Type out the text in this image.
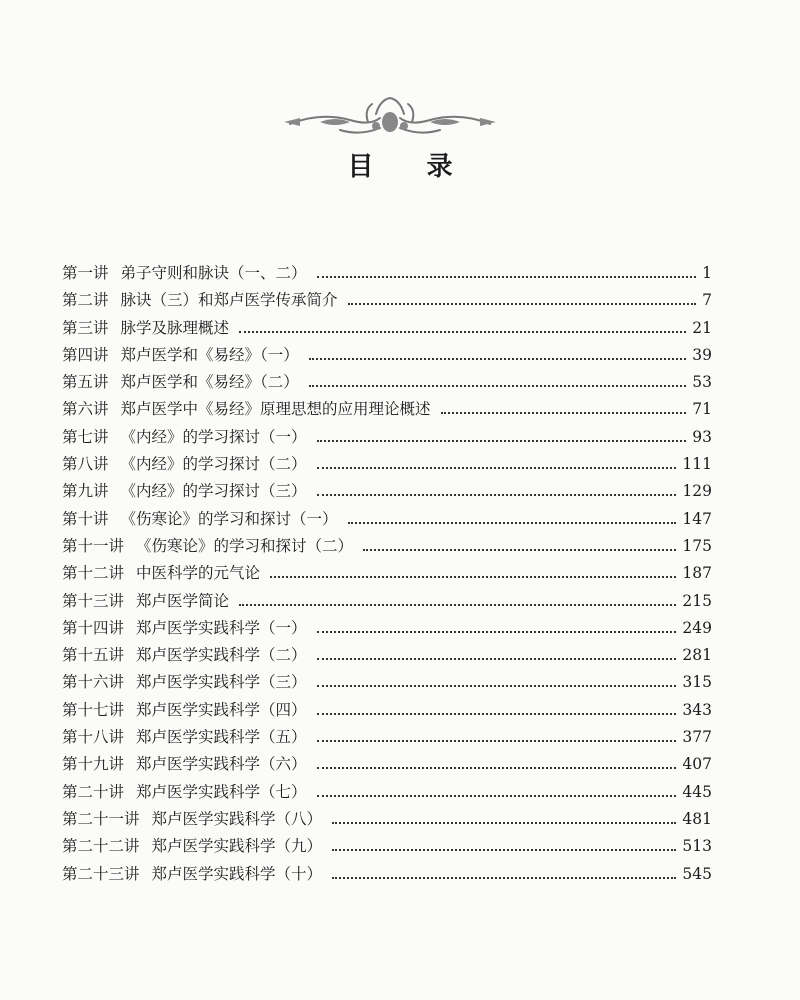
目 录
第一讲 弟子守则和脉诀（一、二）	1
第二讲 脉诀（三）和郑卢医学传承简介	7
第三讲 脉学及脉理概述	21
第四讲 郑卢医学和《易经》（一）	39
第五讲 郑卢医学和《易经》（二）	53
第六讲 郑卢医学中《易经》原理思想的应用理论概述	71
第七讲 《内经》的学习探讨（一）	93
第八讲 《内经》的学习探讨（二）	111
第九讲 《内经》的学习探讨（三）	129
第十讲 《伤寒论》的学习和探讨（一）	147
第十一讲 《伤寒论》的学习和探讨（二）	175
第十二讲 中医科学的元气论	187
第十三讲 郑卢医学简论	215
第十四讲 郑卢医学实践科学（一）	249
第十五讲 郑卢医学实践科学（二）	281
第十六讲 郑卢医学实践科学（三）	315
第十七讲 郑卢医学实践科学（四）	343
第十八讲 郑卢医学实践科学（五）	377
第十九讲 郑卢医学实践科学（六）	407
第二十讲 郑卢医学实践科学（七）	445
第二十一讲 郑卢医学实践科学（八）	481
第二十二讲 郑卢医学实践科学（九）	513
第二十三讲 郑卢医学实践科学（十）	545
